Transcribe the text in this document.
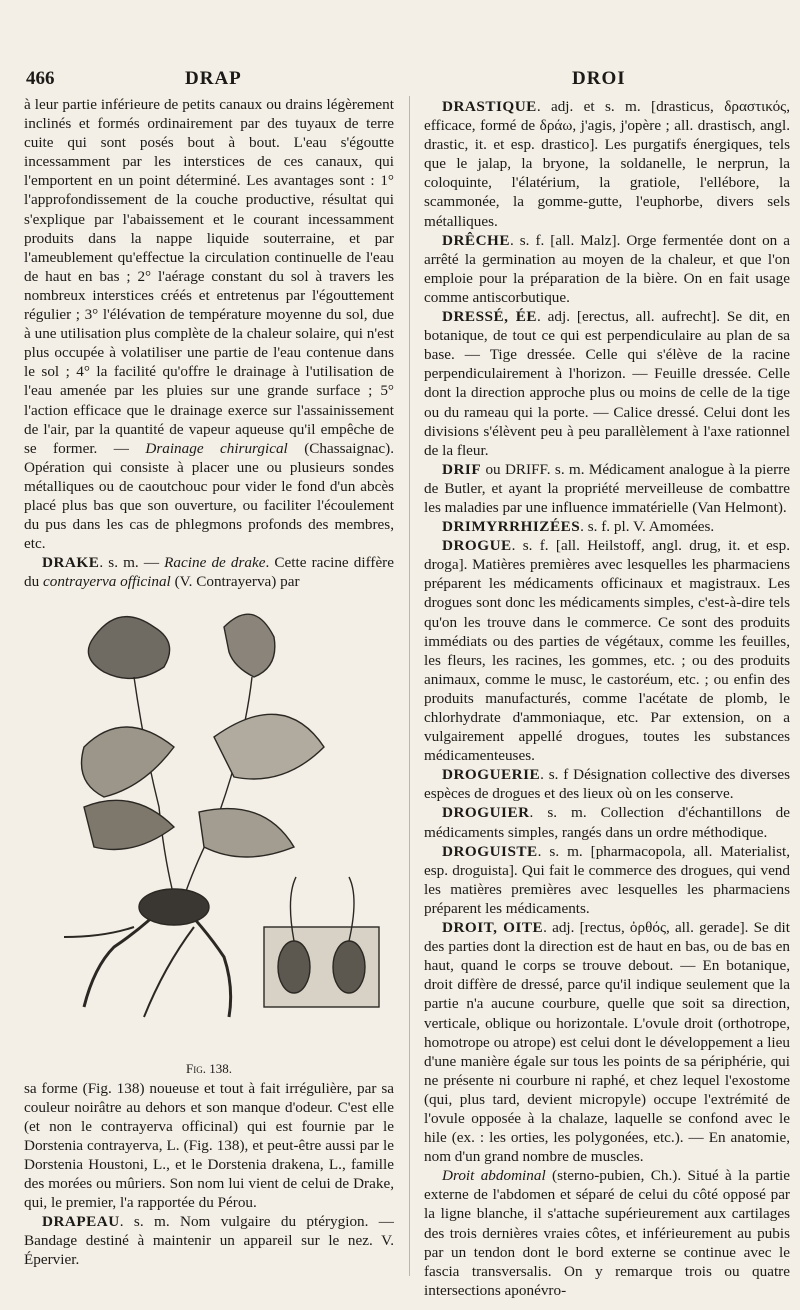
466	DRAP	DROI

à leur partie inférieure de petits canaux ou drains légèrement inclinés et formés ordinairement par des tuyaux de terre cuite qui sont posés bout à bout. L'eau s'égoutte incessamment par les interstices de ces canaux, qui l'emportent en un point déterminé. Les avantages sont : 1° l'approfondissement de la couche productive, résultat qui s'explique par l'abaissement et le courant incessamment produits dans la nappe liquide souterraine, et par l'ameublement qu'effectue la circulation continuelle de l'eau de haut en bas ; 2° l'aérage constant du sol à travers les nombreux interstices créés et entretenus par l'égouttement régulier ; 3° l'élévation de température moyenne du sol, due à une utilisation plus complète de la chaleur solaire, qui n'est plus occupée à volatiliser une partie de l'eau contenue dans le sol ; 4° la facilité qu'offre le drainage à l'utilisation de l'eau amenée par les pluies sur une grande surface ; 5° l'action efficace que le drainage exerce sur l'assainissement de l'air, par la quantité de vapeur aqueuse qu'il empêche de se former. — Drainage chirurgical (Chassaignac). Opération qui consiste à placer une ou plusieurs sondes métalliques ou de caoutchouc pour vider le fond d'un abcès placé plus bas que son ouverture, ou faciliter l'écoulement du pus dans les cas de phlegmons profonds des membres, etc.

DRAKE. s. m. — Racine de drake. Cette racine diffère du contrayerva officinal (V. Contrayerva) par

Fig. 138.

sa forme (Fig. 138) noueuse et tout à fait irrégulière, par sa couleur noirâtre au dehors et son manque d'odeur. C'est elle (et non le contrayerva officinal) qui est fournie par le Dorstenia contrayerva, L. (Fig. 138), et peut-être aussi par le Dorstenia Houstoni, L., et le Dorstenia drakena, L., famille des morées ou mûriers. Son nom lui vient de celui de Drake, qui, le premier, l'a rapportée du Pérou.

DRAPEAU. s. m. Nom vulgaire du ptérygion. — Bandage destiné à maintenir un appareil sur le nez. V. Épervier.

DRASTIQUE. adj. et s. m. [drasticus, δραστικός, efficace, formé de δράω, j'agis, j'opère ; all. drastisch, angl. drastic, it. et esp. drastico]. Les purgatifs énergiques, tels que le jalap, la bryone, la soldanelle, le nerprun, la coloquinte, l'élatérium, la gratiole, l'ellébore, la scammonée, la gomme-gutte, l'euphorbe, divers sels métalliques.

DRÊCHE. s. f. [all. Malz]. Orge fermentée dont on a arrêté la germination au moyen de la chaleur, et que l'on emploie pour la préparation de la bière. On en fait usage comme antiscorbutique.

DRESSÉ, ÉE. adj. [erectus, all. aufrecht]. Se dit, en botanique, de tout ce qui est perpendiculaire au plan de sa base. — Tige dressée. Celle qui s'élève de la racine perpendiculairement à l'horizon. — Feuille dressée. Celle dont la direction approche plus ou moins de celle de la tige ou du rameau qui la porte. — Calice dressé. Celui dont les divisions s'élèvent peu à peu parallèlement à l'axe rationnel de la fleur.

DRIF ou DRIFF. s. m. Médicament analogue à la pierre de Butler, et ayant la propriété merveilleuse de combattre les maladies par une influence immatérielle (Van Helmont).

DRIMYRRHIZÉES. s. f. pl. V. Amomées.

DROGUE. s. f. [all. Heilstoff, angl. drug, it. et esp. droga]. Matières premières avec lesquelles les pharmaciens préparent les médicaments officinaux et magistraux. Les drogues sont donc les médicaments simples, c'est-à-dire tels qu'on les trouve dans le commerce. Ce sont des produits immédiats ou des parties de végétaux, comme les feuilles, les fleurs, les racines, les gommes, etc. ; ou des produits animaux, comme le musc, le castoréum, etc. ; ou enfin des produits manufacturés, comme l'acétate de plomb, le chlorhydrate d'ammoniaque, etc. Par extension, on a vulgairement appellé drogues, toutes les substances médicamenteuses.

DROGUERIE. s. f Désignation collective des diverses espèces de drogues et des lieux où on les conserve.

DROGUIER. s. m. Collection d'échantillons de médicaments simples, rangés dans un ordre méthodique.

DROGUISTE. s. m. [pharmacopola, all. Materialist, esp. droguista]. Qui fait le commerce des drogues, qui vend les matières premières avec lesquelles les pharmaciens préparent les médicaments.

DROIT, OITE. adj. [rectus, ὀρθός, all. gerade]. Se dit des parties dont la direction est de haut en bas, ou de bas en haut, quand le corps se trouve debout. — En botanique, droit diffère de dressé, parce qu'il indique seulement que la partie n'a aucune courbure, quelle que soit sa direction, verticale, oblique ou horizontale. L'ovule droit (orthotrope, homotrope ou atrope) est celui dont le développement a lieu d'une manière égale sur tous les points de sa périphérie, qui ne présente ni courbure ni raphé, et chez lequel l'exostome (qui, plus tard, devient micropyle) occupe l'extrémité de l'ovule opposée à la chalaze, laquelle se confond avec le hile (ex. : les orties, les polygonées, etc.). — En anatomie, nom d'un grand nombre de muscles.

Droit abdominal (sterno-pubien, Ch.). Situé à la partie externe de l'abdomen et séparé de celui du côté opposé par la ligne blanche, il s'attache supérieurement aux cartilages des trois dernières vraies côtes, et inférieurement au pubis par un tendon dont le bord externe se continue avec le fascia transversalis. On y remarque trois ou quatre intersections aponévro-
